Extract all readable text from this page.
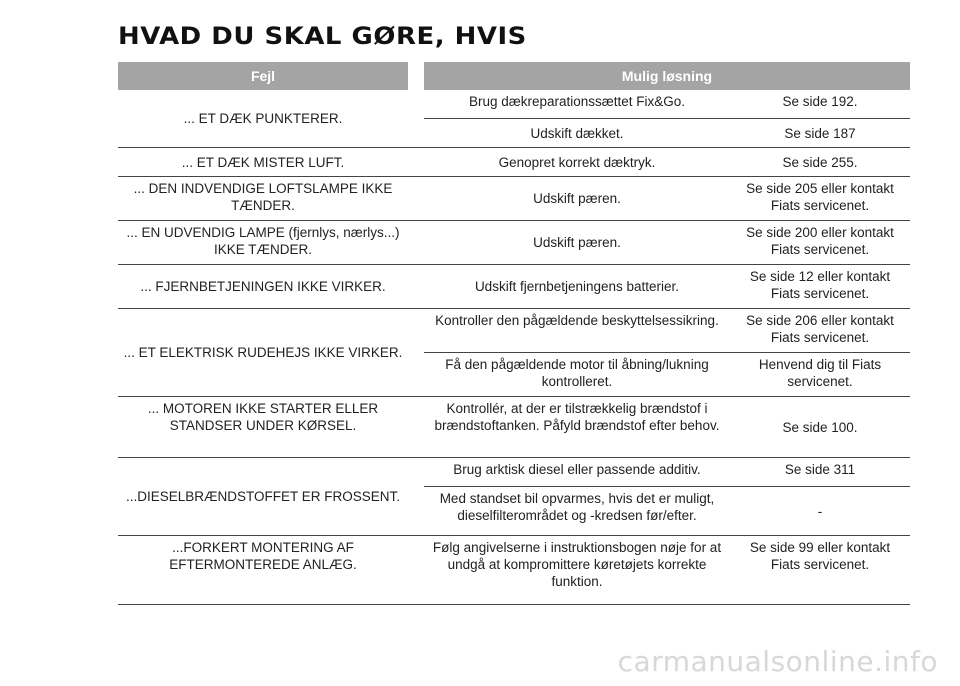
HVAD DU SKAL GØRE, HVIS
Fejl		Mulig løsning	
... ET DÆK PUNKTERER.		Brug dækreparationssættet Fix&Go.	Se side 192.
		Udskift dækket.	Se side 187
... ET DÆK MISTER LUFT.		Genopret korrekt dæktryk.	Se side 255.
... DEN INDVENDIGE LOFTSLAMPE IKKE TÆNDER.		Udskift pæren.	Se side 205 eller kontakt Fiats servicenet.
... EN UDVENDIG LAMPE (fjernlys, nærlys...) IKKE TÆNDER.		Udskift pæren.	Se side 200 eller kontakt Fiats servicenet.
... FJERNBETJENINGEN IKKE VIRKER.		Udskift fjernbetjeningens batterier.	Se side 12 eller kontakt Fiats servicenet.
... ET ELEKTRISK RUDEHEJS IKKE VIRKER.		Kontroller den pågældende beskyttelsessikring.	Se side 206 eller kontakt Fiats servicenet.
		Få den pågældende motor til åbning/lukning kontrolleret.	Henvend dig til Fiats servicenet.
... MOTOREN IKKE STARTER ELLER STANDSER UNDER KØRSEL.		Kontrollér, at der er tilstrækkelig brændstof i brændstoftanken. Påfyld brændstof efter behov.	Se side 100.
...DIESELBRÆNDSTOFFET ER FROSSENT.		Brug arktisk diesel eller passende additiv.	Se side 311
		Med standset bil opvarmes, hvis det er muligt, dieselfilterområdet og -kredsen før/efter.	-
...FORKERT MONTERING AF EFTERMONTEREDE ANLÆG.		Følg angivelserne i instruktionsbogen nøje for at undgå at kompromittere køretøjets korrekte funktion.	Se side 99 eller kontakt Fiats servicenet.
carmanualsonline.info
